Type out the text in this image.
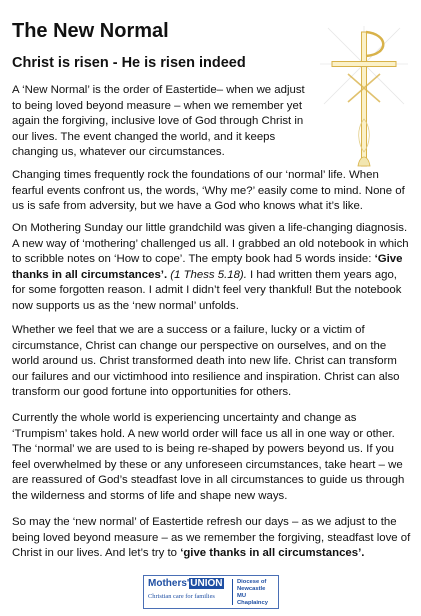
The New Normal
Christ is risen - He is risen indeed

A ‘New Normal’ is the order of Eastertide– when we adjust to being loved beyond measure – when we remember yet again the forgiving, inclusive love of God through Christ in our lives. The event changed the world, and it keeps changing us, whatever our circumstances.

Changing times frequently rock the foundations of our ‘normal’ life. When fearful events confront us, the words, ‘Why me?’ easily come to mind. None of us is safe from adversity, but we have a God who knows what it’s like.

On Mothering Sunday our little grandchild was given a life-changing diagnosis. A new way of ‘mothering’ challenged us all. I grabbed an old notebook in which to scribble notes on ‘How to cope’. The empty book had 5 words inside: ‘Give thanks in all circumstances’. (1 Thess 5.18). I had written them years ago, for some forgotten reason. I admit I didn’t feel very thankful! But the notebook now supports us as the ‘new normal’ unfolds.

Whether we feel that we are a success or a failure, lucky or a victim of circumstance, Christ can change our perspective on ourselves, and on the world around us. Christ transformed death into new life. Christ can transform our failures and our victimhood into resilience and inspiration. Christ can also transform our good fortune into opportunities for others.

Currently the whole world is experiencing uncertainty and change as ‘Trumpism’ takes hold. A new world order will face us all in one way or other. The ‘normal’ we are used to is being re-shaped by powers beyond us. If you feel overwhelmed by these or any unforeseen circumstances, take heart – we are reassured of God’s steadfast love in all circumstances to guide us through the wilderness and storms of life and shape new ways.

So may the ‘new normal’ of Eastertide refresh our days – as we adjust to the being loved beyond measure – as we remember the forgiving, steadfast love of Christ in our lives. And let’s try to ‘give thanks in all circumstances’.

Mothers'UNION
Christian care for families
Diocese of
Newcastle
MU Chaplaincy
